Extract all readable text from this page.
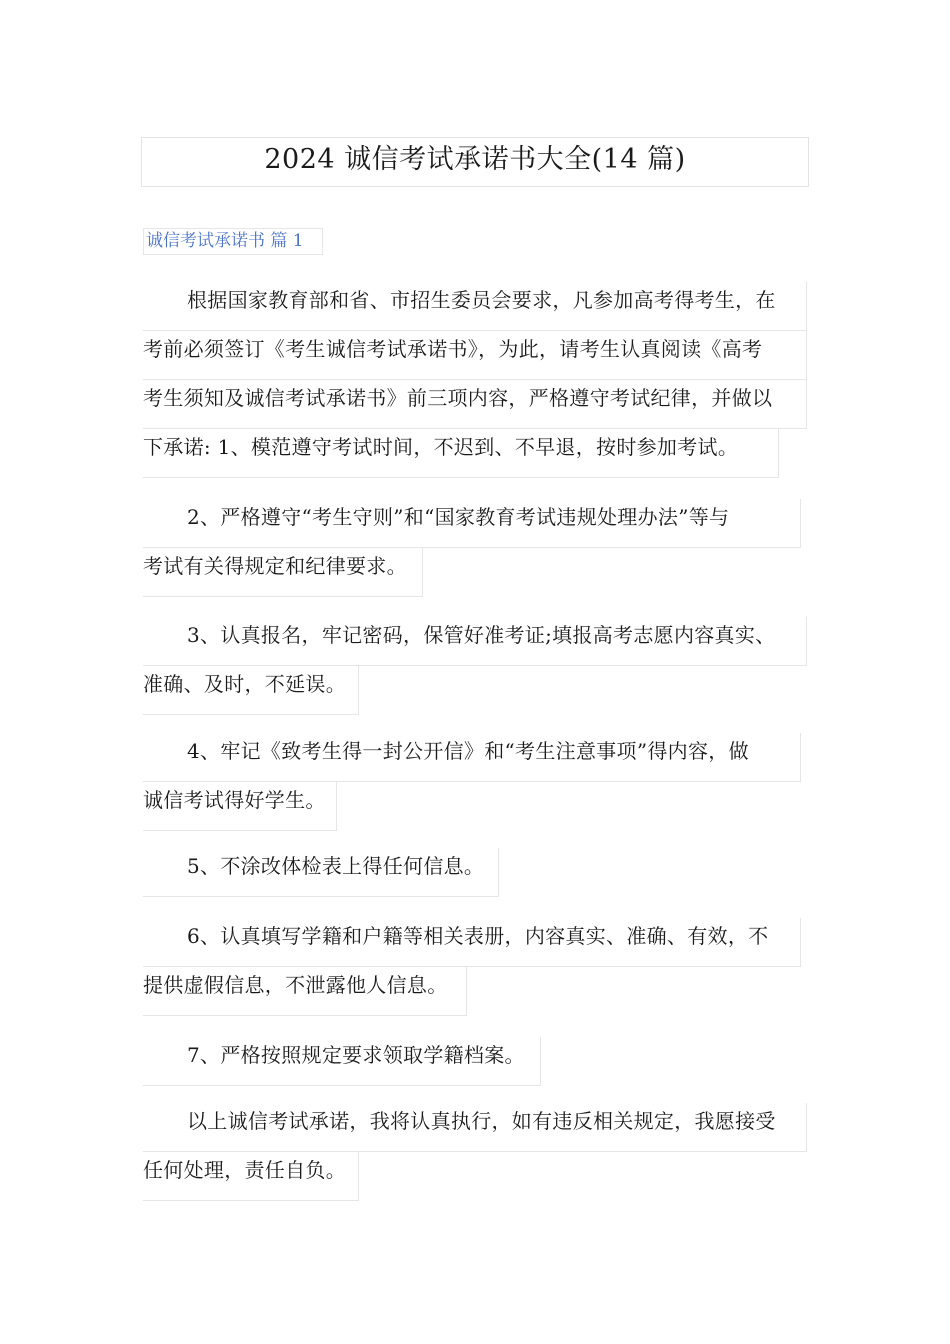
2024 诚信考试承诺书大全(14 篇)
诚信考试承诺书 篇 1
根据国家教育部和省、市招生委员会要求，凡参加高考得考生，在
考前必须签订《考生诚信考试承诺书》，为此，请考生认真阅读《高考
考生须知及诚信考试承诺书》前三项内容，严格遵守考试纪律，并做以
下承诺: 1、模范遵守考试时间，不迟到、不早退，按时参加考试。
2、严格遵守“考生守则”和“国家教育考试违规处理办法”等与
考试有关得规定和纪律要求。
3、认真报名，牢记密码，保管好准考证;填报高考志愿内容真实、
准确、及时，不延误。
4、牢记《致考生得一封公开信》和“考生注意事项”得内容，做
诚信考试得好学生。
5、不涂改体检表上得任何信息。
6、认真填写学籍和户籍等相关表册，内容真实、准确、有效，不
提供虚假信息，不泄露他人信息。
7、严格按照规定要求领取学籍档案。
以上诚信考试承诺，我将认真执行，如有违反相关规定，我愿接受
任何处理，责任自负。
